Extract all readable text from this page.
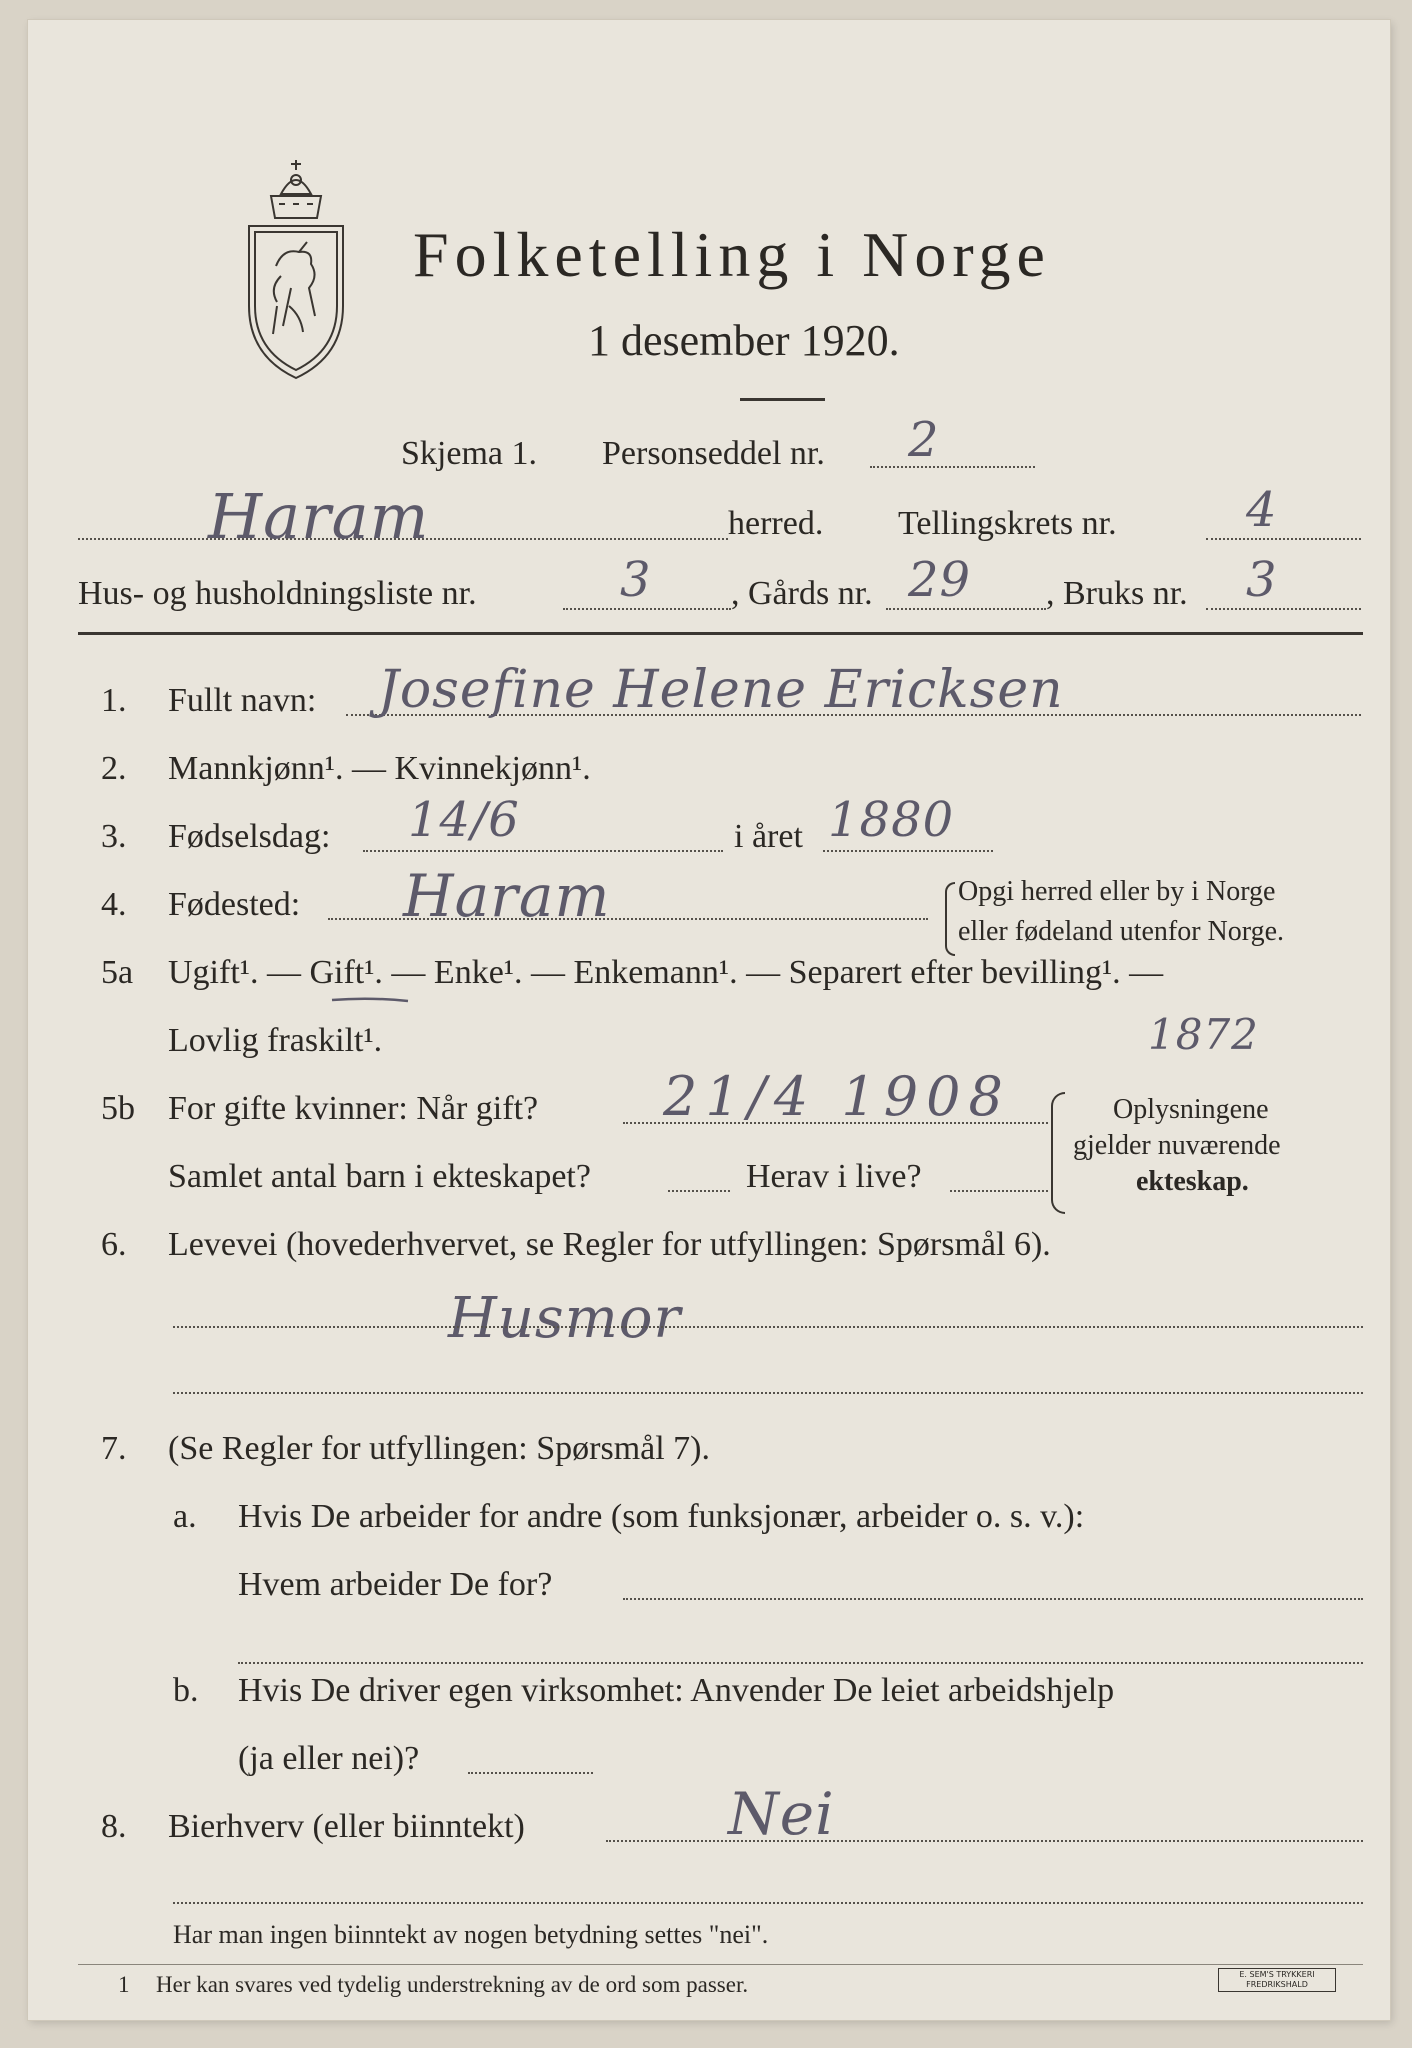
Folketelling i Norge
1 desember 1920.
Skjema 1. Personseddel nr. 2
Haram	herred. Tellingskrets nr.	4
Hus- og husholdningsliste nr.	3 , Gårds nr. 29 , Bruks nr. 3
1. Fullt navn: Josefine Helene Ericksen
2. Mannkjønn¹. — Kvinnekjønn¹.
3. Fødselsdag: 14/6	i året 1880
4. Fødested: Haram	Opgi herred eller by i Norge
eller fødeland utenfor Norge.
5a Ugift¹. — Gift¹. — Enke¹. — Enkemann¹. — Separert efter bevilling¹. —
Lovlig fraskilt¹.	1872
5b For gifte kvinner: Når gift? 21/4 1908
Samlet antal barn i ekteskapet?	Herav i live?
Oplysningene
gjelder nuværende
ekteskap.
6. Levevei (hovederhvervet, se Regler for utfyllingen: Spørsmål 6).
Husmor
7. (Se Regler for utfyllingen: Spørsmål 7).
a. Hvis De arbeider for andre (som funksjonær, arbeider o. s. v.):
Hvem arbeider De for?
b. Hvis De driver egen virksomhet: Anvender De leiet arbeidshjelp
(ja eller nei)?
8. Bierhverv (eller biinntekt)	Nei
Har man ingen biinntekt av nogen betydning settes "nei".
1 Her kan svares ved tydelig understrekning av de ord som passer.	E. SEM'S TRYKKERI FREDRIKSHALD
